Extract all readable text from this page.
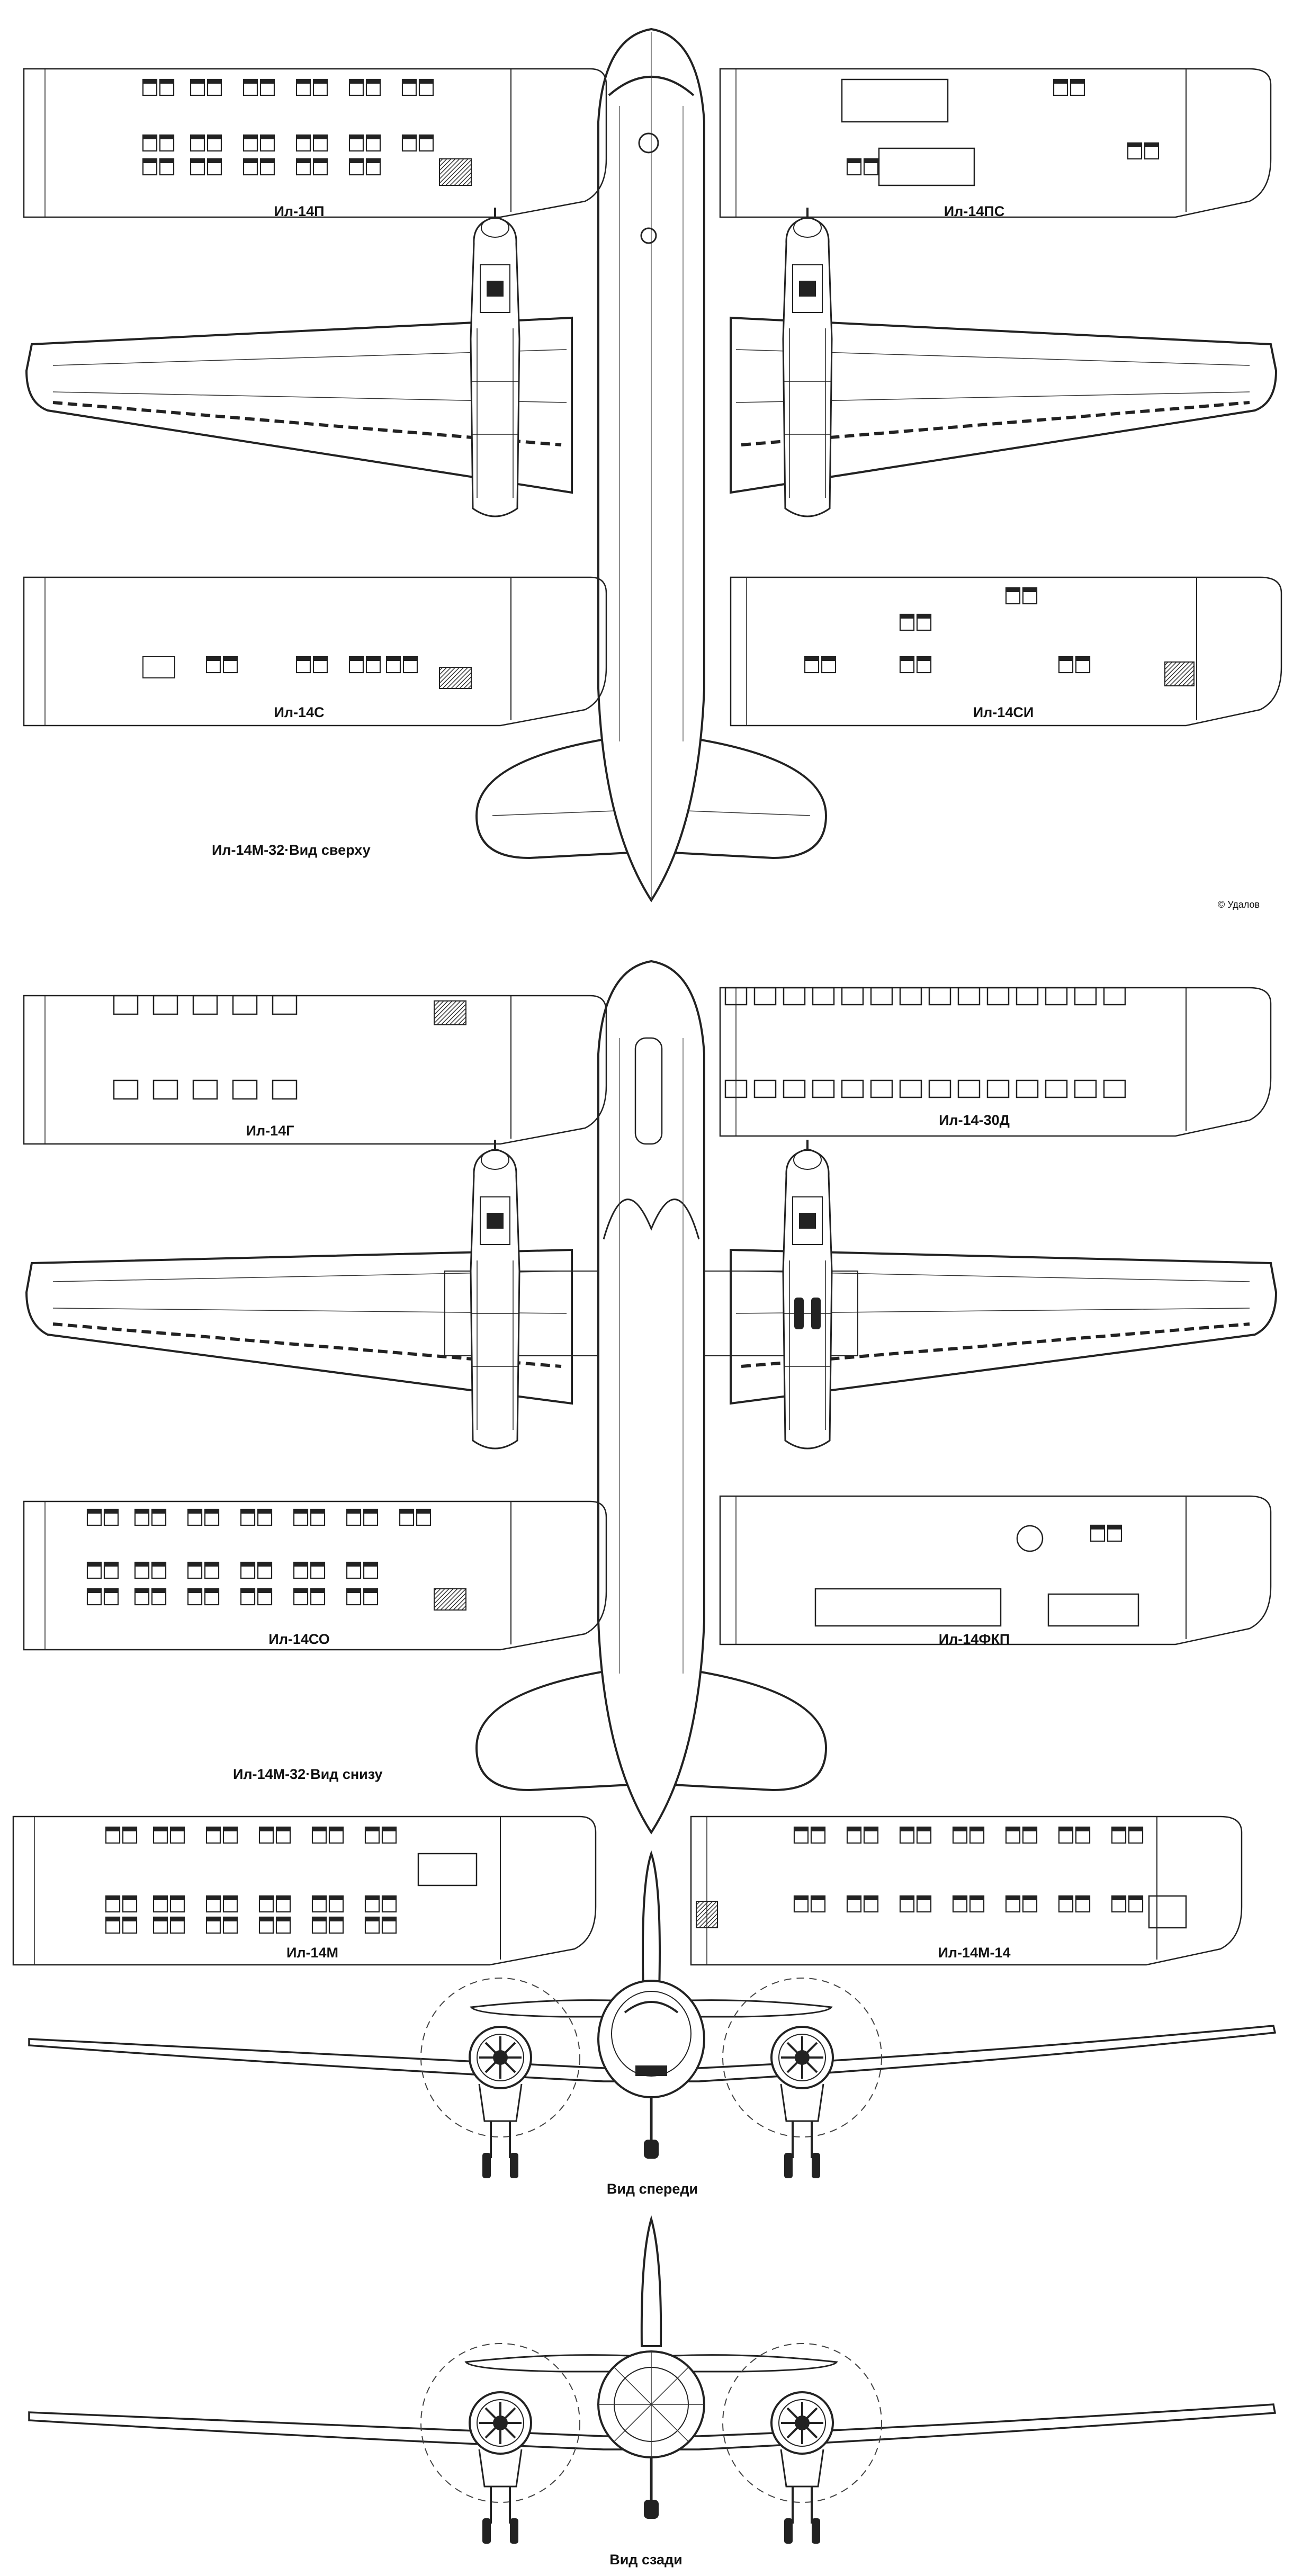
Ил-14П	Ил-14ПС
Ил-14С	Ил-14СИ
Ил-14М-32·Вид сверху
© Удалов
Ил-14Г
Ил-14-30Д
Ил-14СО	Ил-14ФКП
Ил-14М-32·Вид снизу
Ил-14М	Ил-14М-14
Вид спереди
Вид сзади
